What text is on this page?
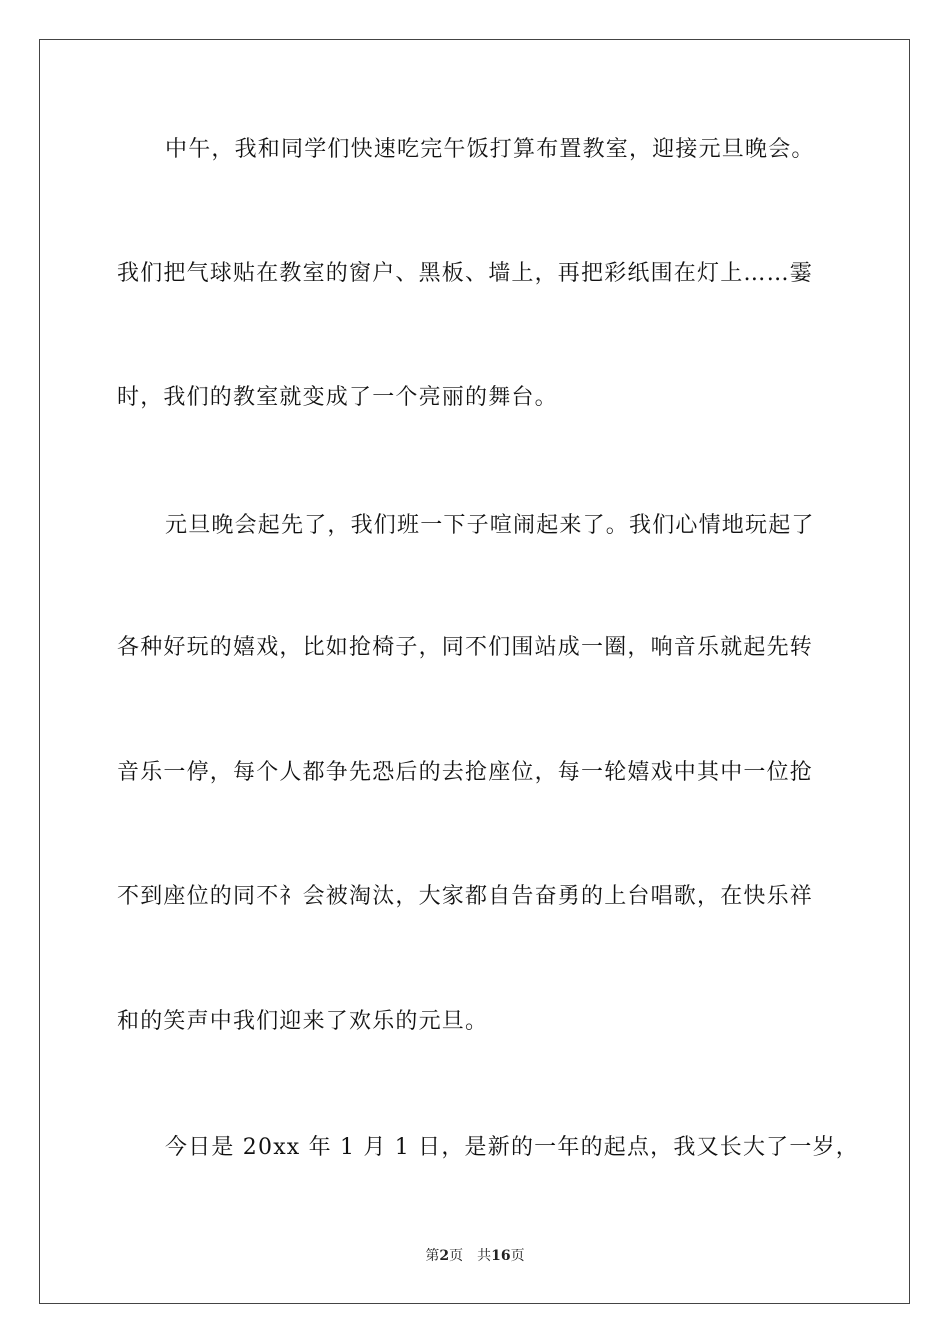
中午，我和同学们快速吃完午饭打算布置教室，迎接元旦晚会。
我们把气球贴在教室的窗户、黑板、墙上，再把彩纸围在灯上……霎
时，我们的教室就变成了一个亮丽的舞台。
元旦晚会起先了，我们班一下子喧闹起来了。我们心情地玩起了
各种好玩的嬉戏，比如抢椅子，同不们围站成一圈，响音乐就起先转
音乐一停，每个人都争先恐后的去抢座位，每一轮嬉戏中其中一位抢
不到座位的同不礻会被淘汰，大家都自告奋勇的上台唱歌，在快乐祥
和的笑声中我们迎来了欢乐的元旦。
今日是 20xx 年 1 月 1 日，是新的一年的起点，我又长大了一岁，
第2页 共16页
